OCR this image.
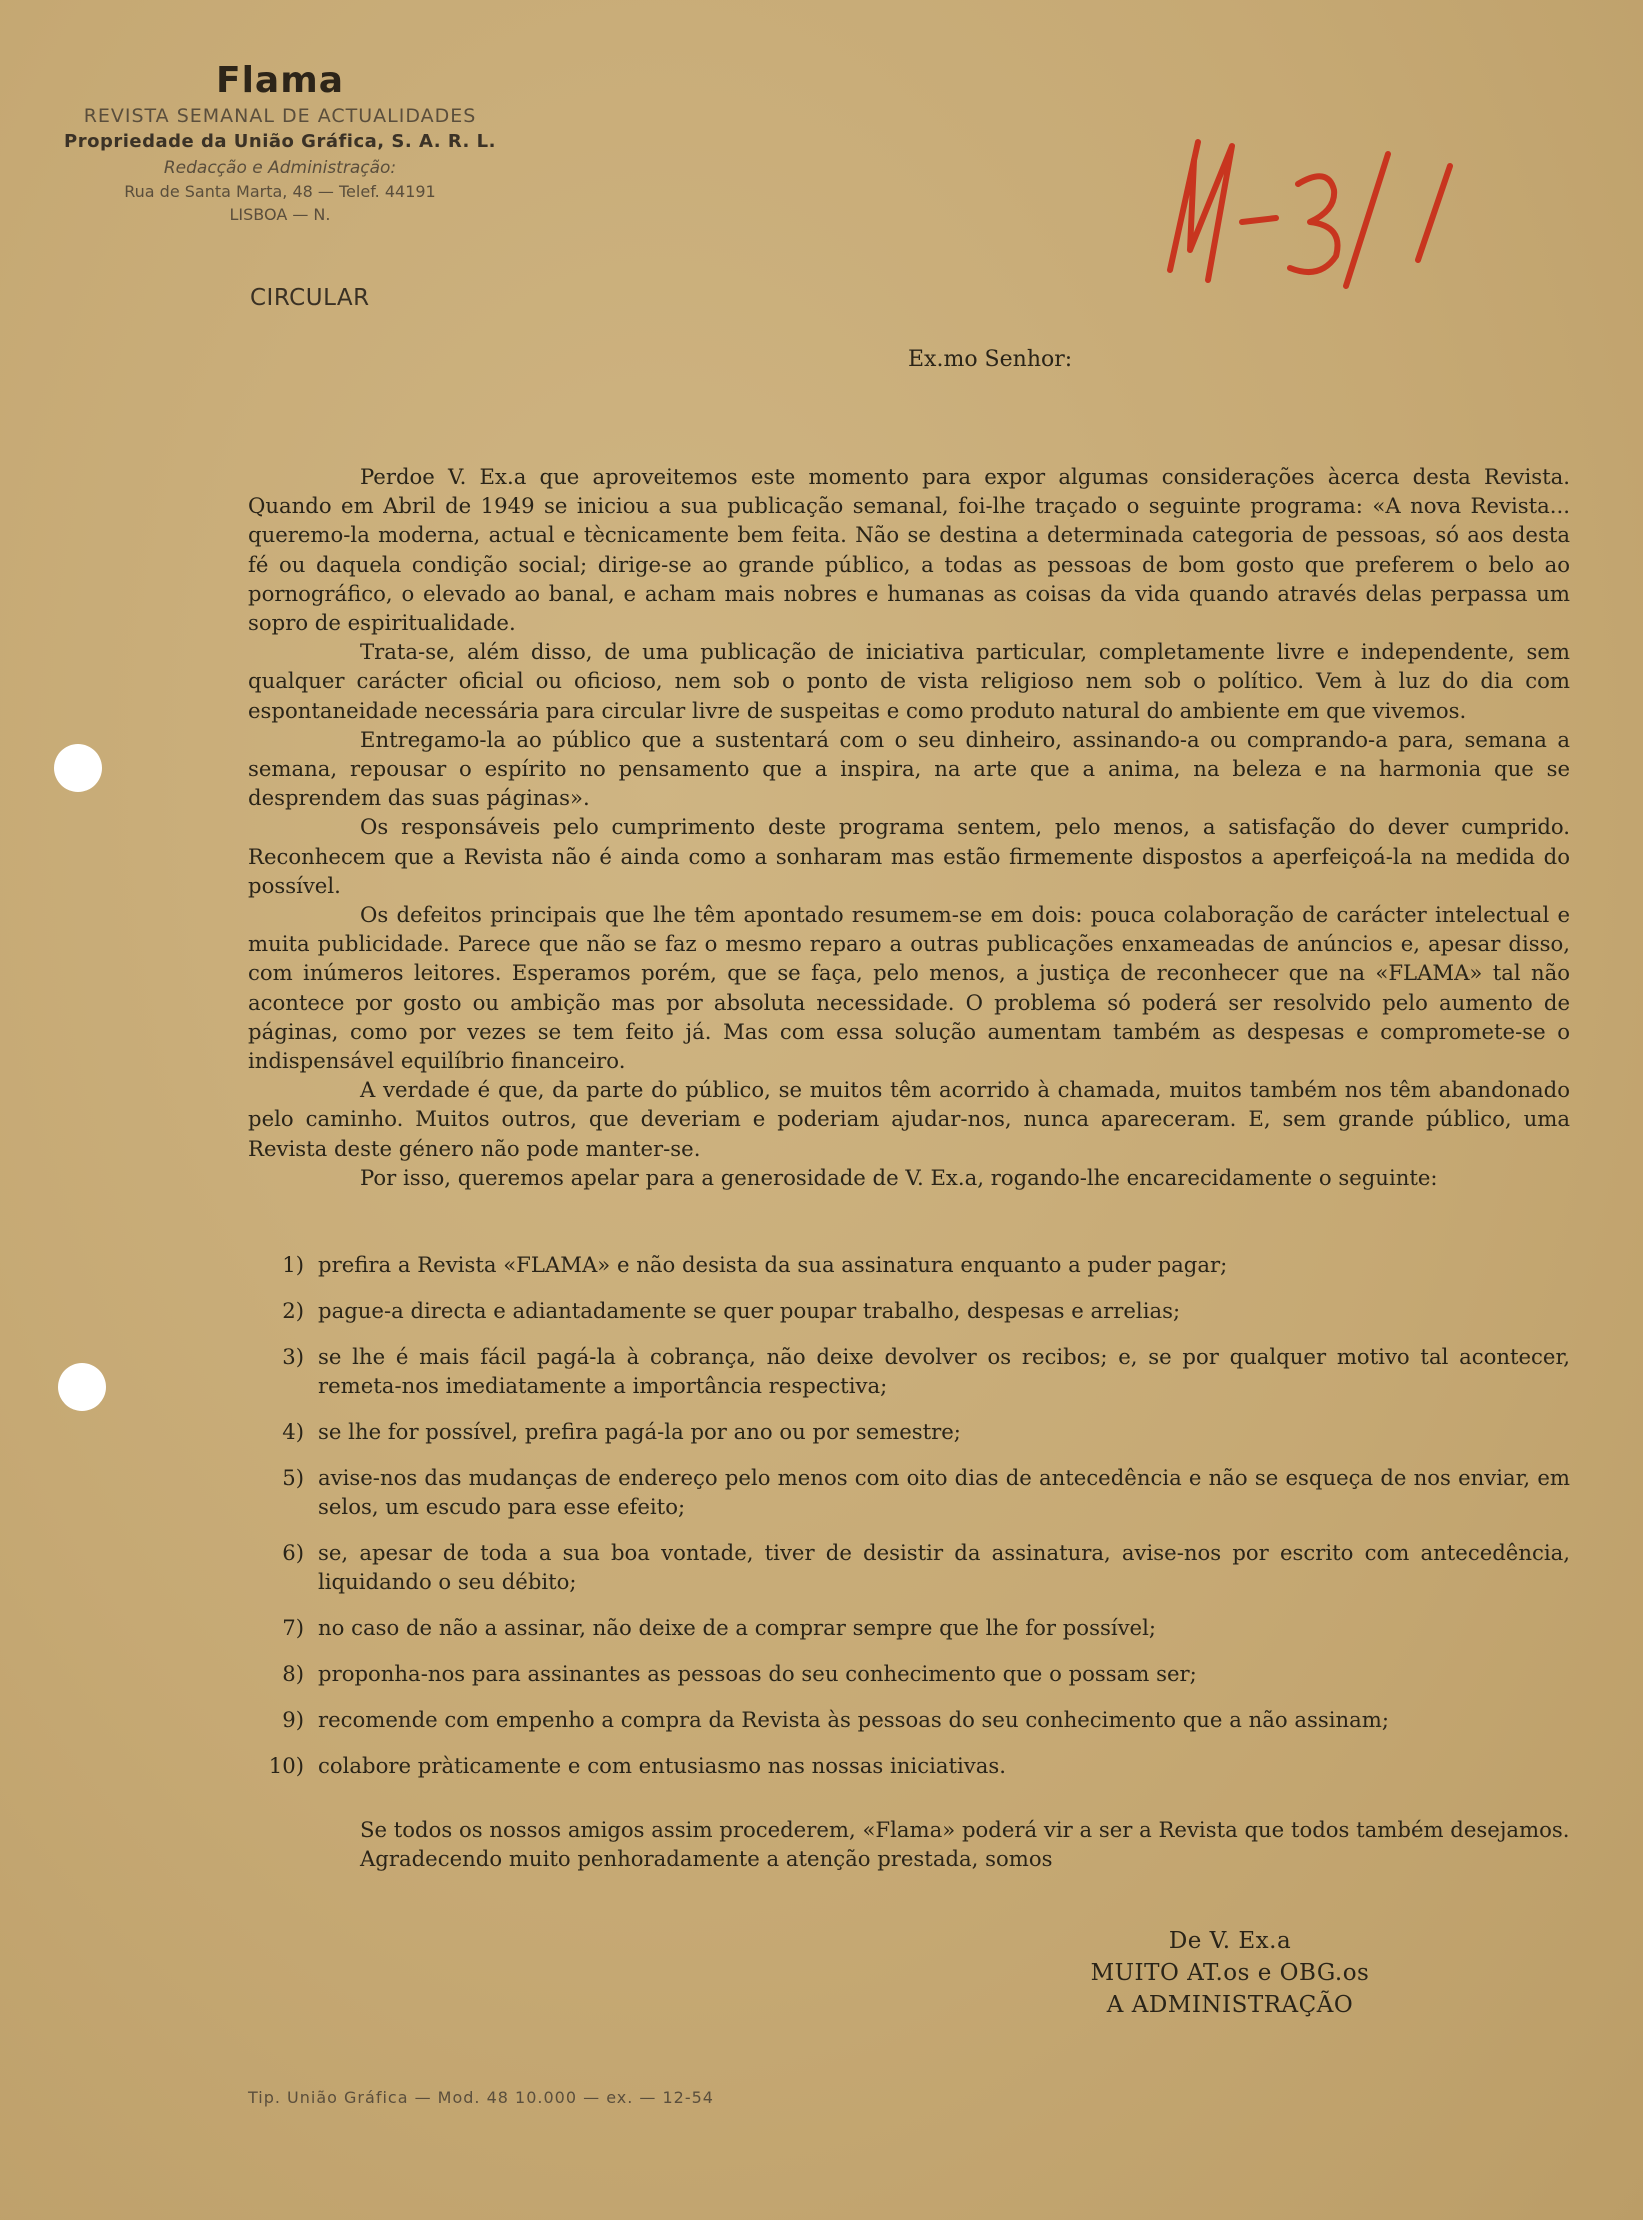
Flama
REVISTA SEMANAL DE ACTUALIDADES
Propriedade da União Gráfica, S. A. R. L.
Redacção e Administração:
Rua de Santa Marta, 48 — Telef. 44191
LISBOA — N.
CIRCULAR
Ex.mo Senhor:

Perdoe V. Ex.a que aproveitemos este momento para expor algumas considerações àcerca desta Revista. Quando em Abril de 1949 se iniciou a sua publicação semanal, foi-lhe traçado o seguinte programa: «A nova Revista... queremo-la moderna, actual e tècnicamente bem feita. Não se destina a determinada categoria de pessoas, só aos desta fé ou daquela condição social; dirige-se ao grande público, a todas as pessoas de bom gosto que preferem o belo ao pornográfico, o elevado ao banal, e acham mais nobres e humanas as coisas da vida quando através delas perpassa um sopro de espiritualidade.

Trata-se, além disso, de uma publicação de iniciativa particular, completamente livre e independente, sem qualquer carácter oficial ou oficioso, nem sob o ponto de vista religioso nem sob o político. Vem à luz do dia com espontaneidade necessária para circular livre de suspeitas e como produto natural do ambiente em que vivemos.

Entregamo-la ao público que a sustentará com o seu dinheiro, assinando-a ou comprando-a para, semana a semana, repousar o espírito no pensamento que a inspira, na arte que a anima, na beleza e na harmonia que se desprendem das suas páginas».

Os responsáveis pelo cumprimento deste programa sentem, pelo menos, a satisfação do dever cumprido. Reconhecem que a Revista não é ainda como a sonharam mas estão firmemente dispostos a aperfeiçoá-la na medida do possível.

Os defeitos principais que lhe têm apontado resumem-se em dois: pouca colaboração de carácter intelectual e muita publicidade. Parece que não se faz o mesmo reparo a outras publicações enxameadas de anúncios e, apesar disso, com inúmeros leitores. Esperamos porém, que se faça, pelo menos, a justiça de reconhecer que na «FLAMA» tal não acontece por gosto ou ambição mas por absoluta necessidade. O problema só poderá ser resolvido pelo aumento de páginas, como por vezes se tem feito já. Mas com essa solução aumentam também as despesas e compromete-se o indispensável equilíbrio financeiro.

A verdade é que, da parte do público, se muitos têm acorrido à chamada, muitos também nos têm abandonado pelo caminho. Muitos outros, que deveriam e poderiam ajudar-nos, nunca apareceram. E, sem grande público, uma Revista deste género não pode manter-se.

Por isso, queremos apelar para a generosidade de V. Ex.a, rogando-lhe encarecidamente o seguinte:

1) prefira a Revista «FLAMA» e não desista da sua assinatura enquanto a puder pagar;
2) pague-a directa e adiantadamente se quer poupar trabalho, despesas e arrelias;
3) se lhe é mais fácil pagá-la à cobrança, não deixe devolver os recibos; e, se por qualquer motivo tal acontecer, remeta-nos imediatamente a importância respectiva;
4) se lhe for possível, prefira pagá-la por ano ou por semestre;
5) avise-nos das mudanças de endereço pelo menos com oito dias de antecedência e não se esqueça de nos enviar, em selos, um escudo para esse efeito;
6) se, apesar de toda a sua boa vontade, tiver de desistir da assinatura, avise-nos por escrito com antecedência, liquidando o seu débito;
7) no caso de não a assinar, não deixe de a comprar sempre que lhe for possível;
8) proponha-nos para assinantes as pessoas do seu conhecimento que o possam ser;
9) recomende com empenho a compra da Revista às pessoas do seu conhecimento que a não assinam;
10) colabore pràticamente e com entusiasmo nas nossas iniciativas.

Se todos os nossos amigos assim procederem, «Flama» poderá vir a ser a Revista que todos também desejamos.

Agradecendo muito penhoradamente a atenção prestada, somos

De V. Ex.a
MUITO AT.os e OBG.os
A ADMINISTRAÇÃO
Tip. União Gráfica — Mod. 48 10.000 — ex. — 12-54
